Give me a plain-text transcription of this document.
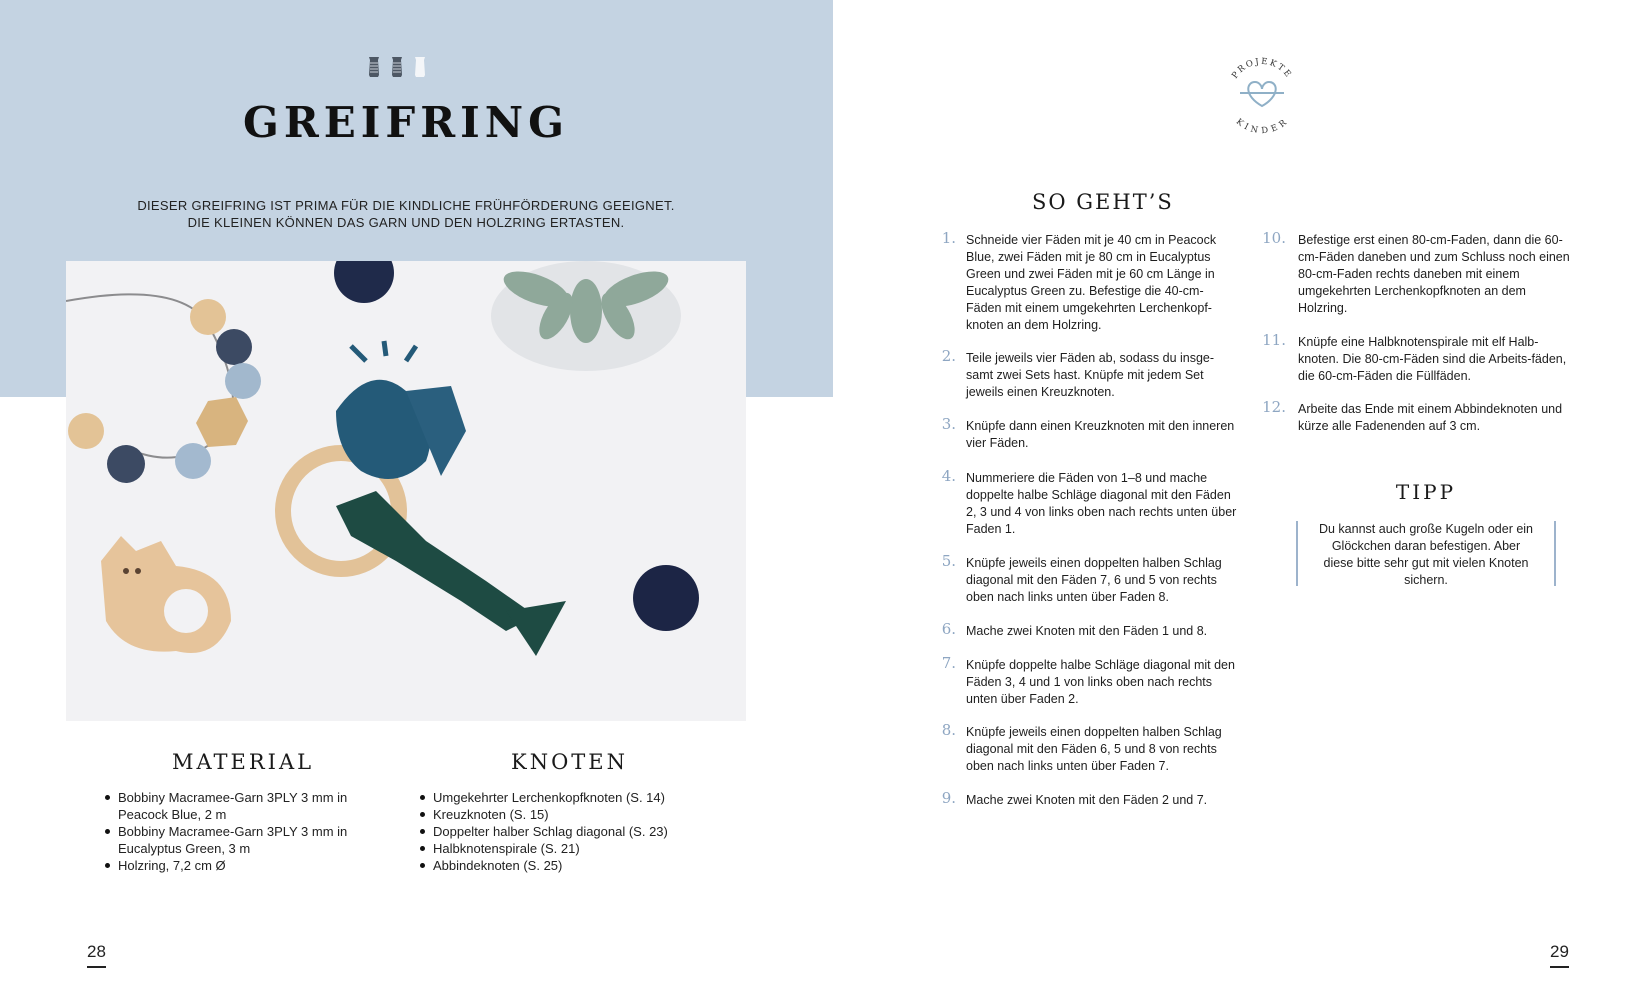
GREIFRING
DIESER GREIFRING IST PRIMA FÜR DIE KINDLICHE FRÜHFÖRDERUNG GEEIGNET.
DIE KLEINEN KÖNNEN DAS GARN UND DEN HOLZRING ERTASTEN.
MATERIAL
Bobbiny Macramee-Garn 3PLY 3 mm in Peacock Blue, 2 m
Bobbiny Macramee-Garn 3PLY 3 mm in Eucalyptus Green, 3 m
Holzring, 7,2 cm Ø
KNOTEN
Umgekehrter Lerchenkopfknoten (S. 14)
Kreuzknoten (S. 15)
Doppelter halber Schlag diagonal (S. 23)
Halbknotenspirale (S. 21)
Abbindeknoten (S. 25)
28
PROJEKTE
KINDER
SO GEHT’S
1. Schneide vier Fäden mit je 40 cm in Peacock Blue, zwei Fäden mit je 80 cm in Eucalyptus Green und zwei Fäden mit je 60 cm Länge in Eucalyptus Green zu. Befestige die 40-cm-Fäden mit einem umgekehrten Lerchenkopf-knoten an dem Holzring.
2. Teile jeweils vier Fäden ab, sodass du insge-samt zwei Sets hast. Knüpfe mit jedem Set jeweils einen Kreuzknoten.
3. Knüpfe dann einen Kreuzknoten mit den inneren vier Fäden.
4. Nummeriere die Fäden von 1–8 und mache doppelte halbe Schläge diagonal mit den Fäden 2, 3 und 4 von links oben nach rechts unten über Faden 1.
5. Knüpfe jeweils einen doppelten halben Schlag diagonal mit den Fäden 7, 6 und 5 von rechts oben nach links unten über Faden 8.
6. Mache zwei Knoten mit den Fäden 1 und 8.
7. Knüpfe doppelte halbe Schläge diagonal mit den Fäden 3, 4 und 1 von links oben nach rechts unten über Faden 2.
8. Knüpfe jeweils einen doppelten halben Schlag diagonal mit den Fäden 6, 5 und 8 von rechts oben nach links unten über Faden 7.
9. Mache zwei Knoten mit den Fäden 2 und 7.
10. Befestige erst einen 80-cm-Faden, dann die 60-cm-Fäden daneben und zum Schluss noch einen 80-cm-Faden rechts daneben mit einem umgekehrten Lerchenkopfknoten an dem Holzring.
11. Knüpfe eine Halbknotenspirale mit elf Halb-knoten. Die 80-cm-Fäden sind die Arbeits-fäden, die 60-cm-Fäden die Füllfäden.
12. Arbeite das Ende mit einem Abbindeknoten und kürze alle Fadenenden auf 3 cm.
TIPP
Du kannst auch große Kugeln oder ein Glöckchen daran befestigen. Aber diese bitte sehr gut mit vielen Knoten sichern.
29
